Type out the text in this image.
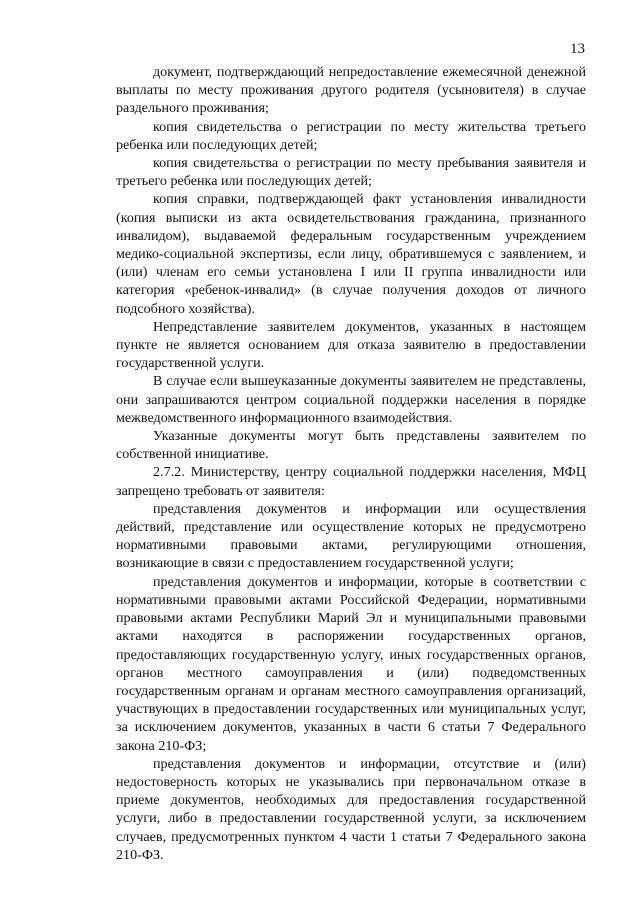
13

документ, подтверждающий непредоставление ежемесячной денежной выплаты по месту проживания другого родителя (усыновителя) в случае раздельного проживания;

копия свидетельства о регистрации по месту жительства третьего ребенка или последующих детей;

копия свидетельства о регистрации по месту пребывания заявителя и третьего ребенка или последующих детей;

копия справки, подтверждающей факт установления инвалидности (копия выписки из акта освидетельствования гражданина, признанного инвалидом), выдаваемой федеральным государственным учреждением медико-социальной экспертизы, если лицу, обратившемуся с заявлением, и (или) членам его семьи установлена I или II группа инвалидности или категория «ребенок-инвалид» (в случае получения доходов от личного подсобного хозяйства).

Непредставление заявителем документов, указанных в настоящем пункте не является основанием для отказа заявителю в предоставлении государственной услуги.

В случае если вышеуказанные документы заявителем не представлены, они запрашиваются центром социальной поддержки населения в порядке межведомственного информационного взаимодействия.

Указанные документы могут быть представлены заявителем по собственной инициативе.

2.7.2. Министерству, центру социальной поддержки населения, МФЦ запрещено требовать от заявителя:

представления документов и информации или осуществления действий, представление или осуществление которых не предусмотрено нормативными правовыми актами, регулирующими отношения, возникающие в связи с предоставлением государственной услуги;

представления документов и информации, которые в соответствии с нормативными правовыми актами Российской Федерации, нормативными правовыми актами Республики Марий Эл и муниципальными правовыми актами находятся в распоряжении государственных органов, предоставляющих государственную услугу, иных государственных органов, органов местного самоуправления и (или) подведомственных государственным органам и органам местного самоуправления организаций, участвующих в предоставлении государственных или муниципальных услуг, за исключением документов, указанных в части 6 статьи 7 Федерального закона 210-ФЗ;

представления документов и информации, отсутствие и (или) недостоверность которых не указывались при первоначальном отказе в приеме документов, необходимых для предоставления государственной услуги, либо в предоставлении государственной услуги, за исключением случаев, предусмотренных пунктом 4 части 1 статьи 7 Федерального закона 210-ФЗ.
